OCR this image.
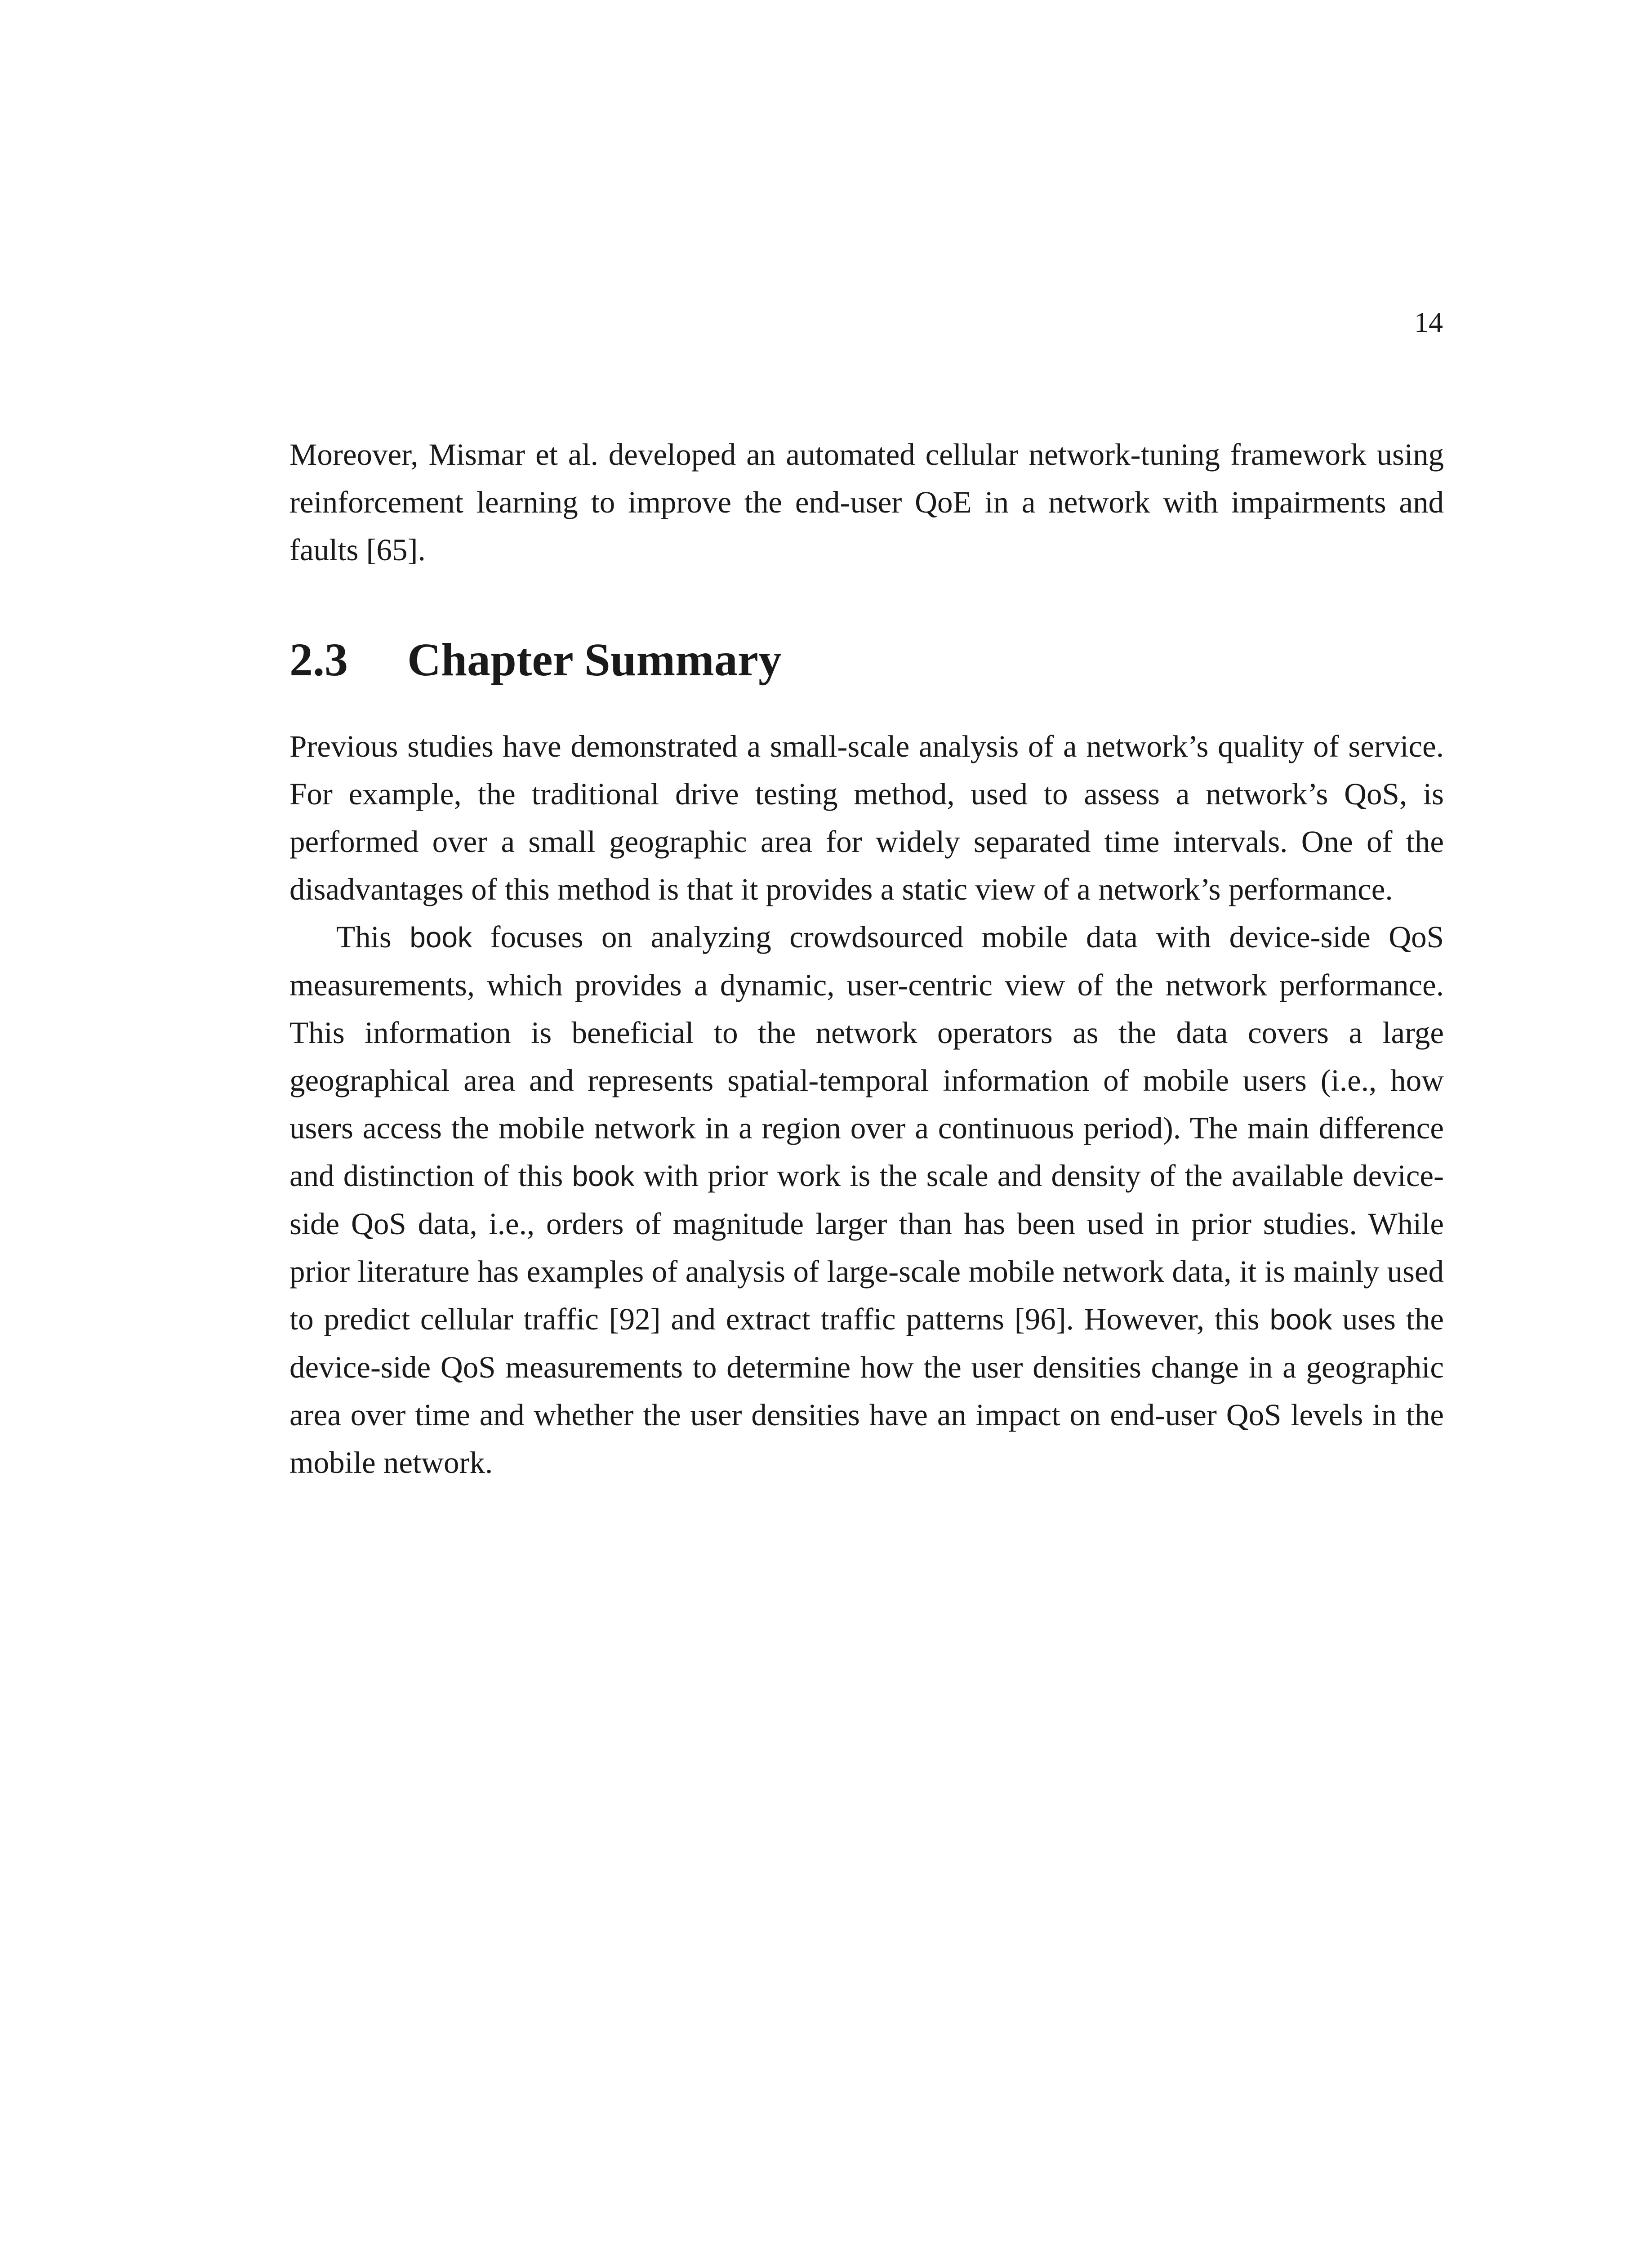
14

Moreover, Mismar et al. developed an automated cellular network-tuning framework using reinforcement learning to improve the end-user QoE in a network with impairments and faults [65].

2.3 Chapter Summary

Previous studies have demonstrated a small-scale analysis of a network’s quality of service. For example, the traditional drive testing method, used to assess a network’s QoS, is performed over a small geographic area for widely separated time intervals. One of the disadvantages of this method is that it provides a static view of a network’s performance.

This book focuses on analyzing crowdsourced mobile data with device-side QoS measurements, which provides a dynamic, user-centric view of the network performance. This information is beneficial to the network operators as the data covers a large geographical area and represents spatial-temporal information of mobile users (i.e., how users access the mobile network in a region over a continuous period). The main difference and distinction of this book with prior work is the scale and density of the available device-side QoS data, i.e., orders of magnitude larger than has been used in prior studies. While prior literature has examples of analysis of large-scale mobile network data, it is mainly used to predict cellular traffic [92] and extract traffic patterns [96]. However, this book uses the device-side QoS measurements to determine how the user densities change in a geographic area over time and whether the user densities have an impact on end-user QoS levels in the mobile network.
